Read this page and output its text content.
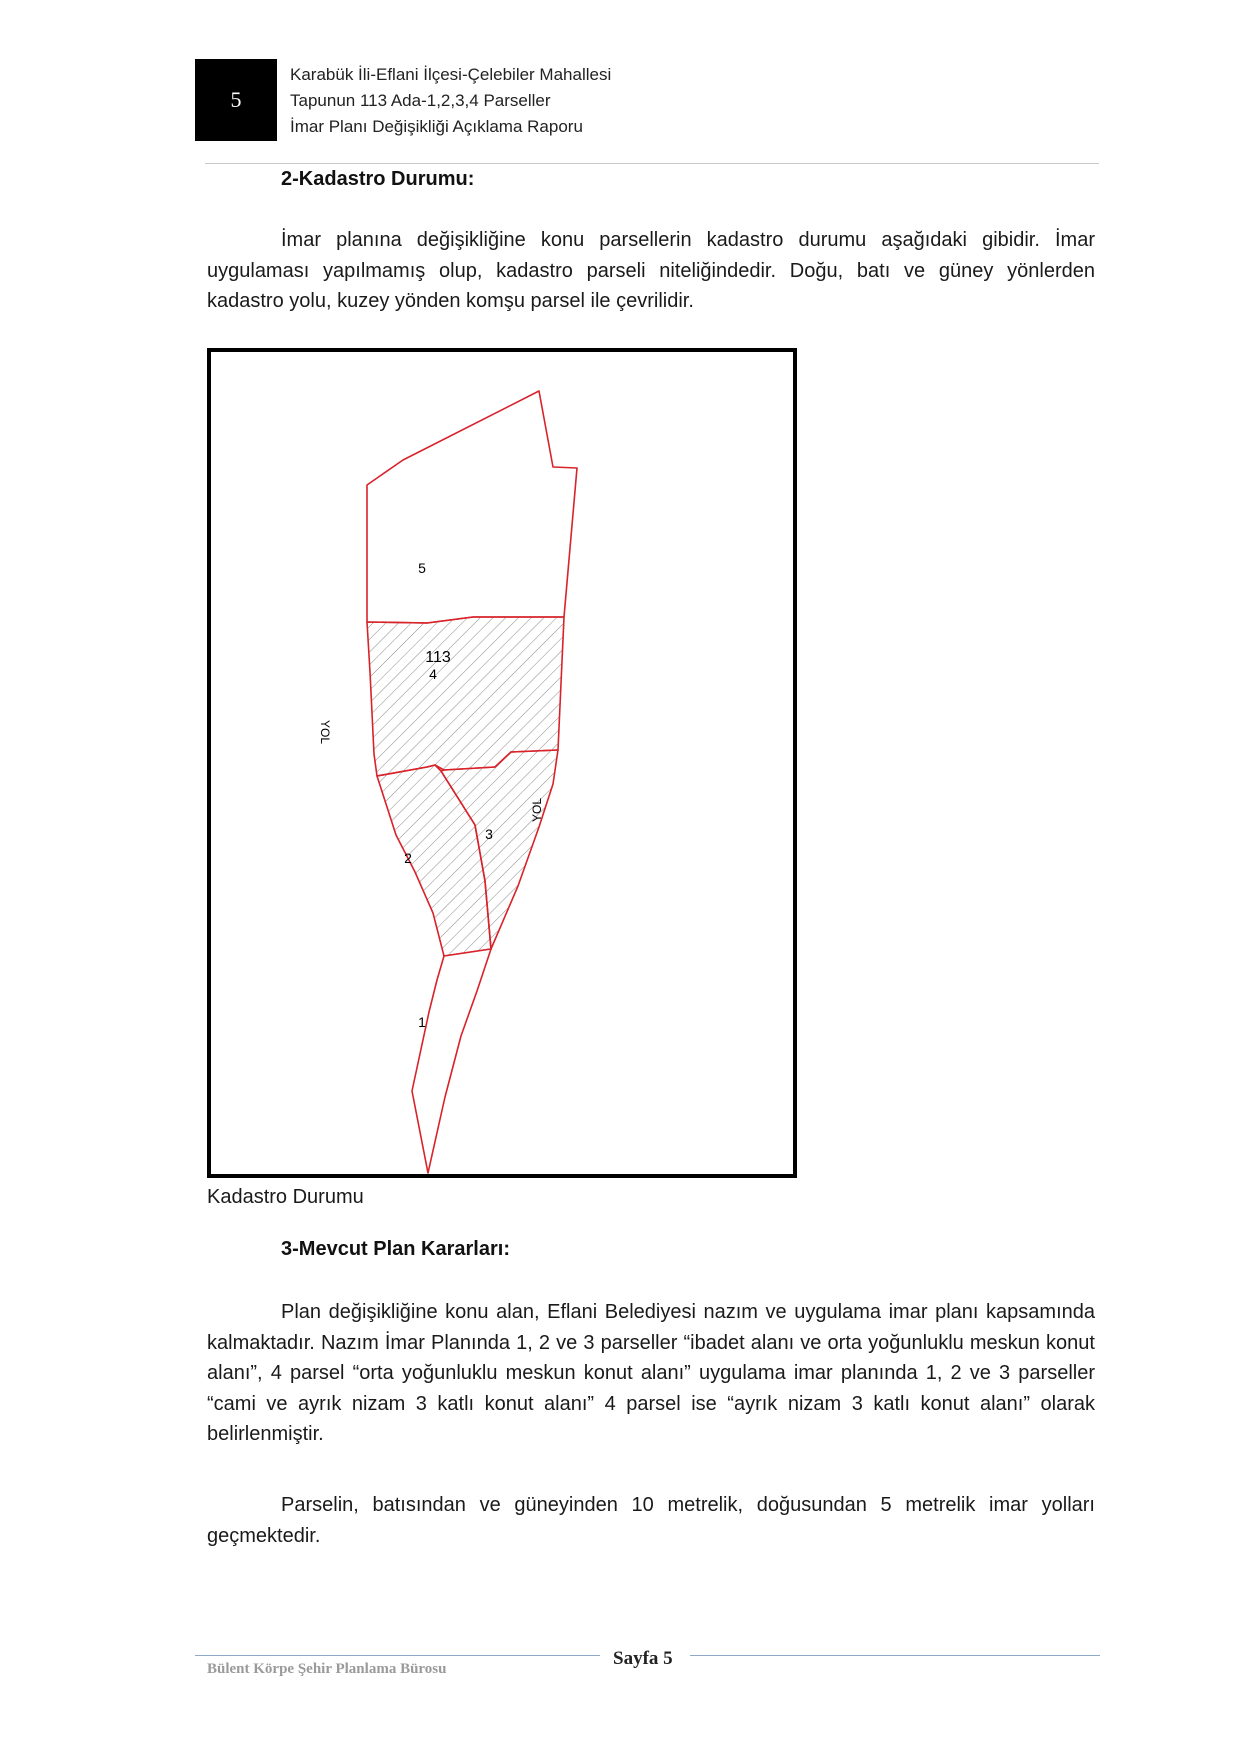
5
Karabük İli-Eflani İlçesi-Çelebiler Mahallesi
Tapunun 113 Ada-1,2,3,4 Parseller
İmar Planı Değişikliği Açıklama Raporu
2-Kadastro Durumu:
İmar planına değişikliğine konu parsellerin kadastro durumu aşağıdaki gibidir. İmar uygulaması yapılmamış olup, kadastro parseli niteliğindedir. Doğu, batı ve güney yönlerden kadastro yolu, kuzey yönden komşu parsel ile çevrilidir.
5
113
4
2
3
1
YOL
YOL
Kadastro Durumu
3-Mevcut Plan Kararları:
Plan değişikliğine konu alan, Eflani Belediyesi nazım ve uygulama imar planı kapsamında kalmaktadır. Nazım İmar Planında 1, 2 ve 3 parseller “ibadet alanı ve orta yoğunluklu meskun konut alanı”, 4 parsel “orta yoğunluklu meskun konut alanı” uygulama imar planında 1, 2 ve 3 parseller “cami ve ayrık nizam 3 katlı konut alanı” 4 parsel ise “ayrık nizam 3 katlı konut alanı” olarak belirlenmiştir.
Parselin, batısından ve güneyinden 10 metrelik, doğusundan 5 metrelik imar yolları geçmektedir.
Sayfa 5
Bülent Körpe Şehir Planlama Bürosu
